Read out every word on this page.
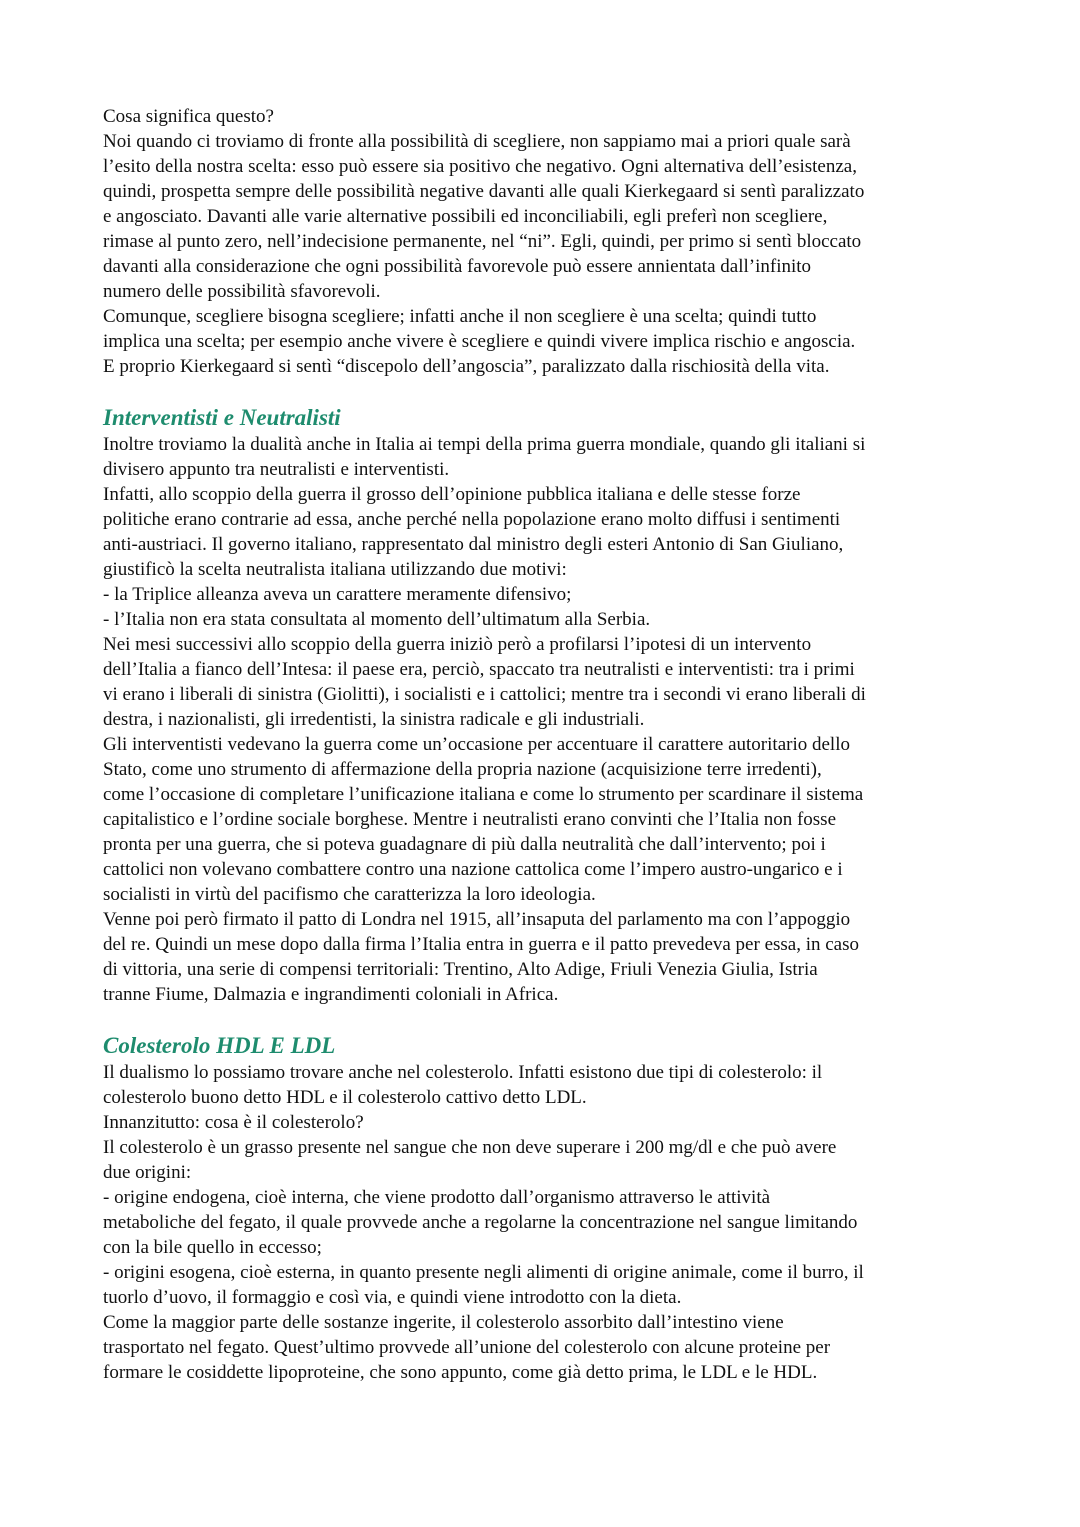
Cosa significa questo?

Noi quando ci troviamo di fronte alla possibilità di scegliere, non sappiamo mai a priori quale sarà
l’esito della nostra scelta: esso può essere sia positivo che negativo. Ogni alternativa dell’esistenza,
quindi, prospetta sempre delle possibilità negative davanti alle quali Kierkegaard si sentì paralizzato
e angosciato. Davanti alle varie alternative possibili ed inconciliabili, egli preferì non scegliere,
rimase al punto zero, nell’indecisione permanente, nel “ni”. Egli, quindi, per primo si sentì bloccato
davanti alla considerazione che ogni possibilità favorevole può essere annientata dall’infinito
numero delle possibilità sfavorevoli.

Comunque, scegliere bisogna scegliere; infatti anche il non scegliere è una scelta; quindi tutto
implica una scelta; per esempio anche vivere è scegliere e quindi vivere implica rischio e angoscia.

E proprio Kierkegaard si sentì “discepolo dell’angoscia”, paralizzato dalla rischiosità della vita.

Interventisti e Neutralisti

Inoltre troviamo la dualità anche in Italia ai tempi della prima guerra mondiale, quando gli italiani si
divisero appunto tra neutralisti e interventisti.

Infatti, allo scoppio della guerra il grosso dell’opinione pubblica italiana e delle stesse forze
politiche erano contrarie ad essa, anche perché nella popolazione erano molto diffusi i sentimenti
anti-austriaci. Il governo italiano, rappresentato dal ministro degli esteri Antonio di San Giuliano,
giustificò la scelta neutralista italiana utilizzando due motivi:

- la Triplice alleanza aveva un carattere meramente difensivo;

- l’Italia non era stata consultata al momento dell’ultimatum alla Serbia.

Nei mesi successivi allo scoppio della guerra iniziò però a profilarsi l’ipotesi di un intervento
dell’Italia a fianco dell’Intesa: il paese era, perciò, spaccato tra neutralisti e interventisti: tra i primi
vi erano i liberali di sinistra (Giolitti), i socialisti e i cattolici; mentre tra i secondi vi erano liberali di
destra, i nazionalisti, gli irredentisti, la sinistra radicale e gli industriali.

Gli interventisti vedevano la guerra come un’occasione per accentuare il carattere autoritario dello
Stato, come uno strumento di affermazione della propria nazione (acquisizione terre irredenti),
come l’occasione di completare l’unificazione italiana e come lo strumento per scardinare il sistema
capitalistico e l’ordine sociale borghese. Mentre i neutralisti erano convinti che l’Italia non fosse
pronta per una guerra, che si poteva guadagnare di più dalla neutralità che dall’intervento; poi i
cattolici non volevano combattere contro una nazione cattolica come l’impero austro-ungarico e i
socialisti in virtù del pacifismo che caratterizza la loro ideologia.

Venne poi però firmato il patto di Londra nel 1915, all’insaputa del parlamento ma con l’appoggio
del re. Quindi un mese dopo dalla firma l’Italia entra in guerra e il patto prevedeva per essa, in caso
di vittoria, una serie di compensi territoriali: Trentino, Alto Adige, Friuli Venezia Giulia, Istria
tranne Fiume, Dalmazia e ingrandimenti coloniali in Africa.

Colesterolo HDL E LDL

Il dualismo lo possiamo trovare anche nel colesterolo. Infatti esistono due tipi di colesterolo: il
colesterolo buono detto HDL e il colesterolo cattivo detto LDL.

Innanzitutto: cosa è il colesterolo?

Il colesterolo è un grasso presente nel sangue che non deve superare i 200 mg/dl e che può avere
due origini:

- origine endogena, cioè interna, che viene prodotto dall’organismo attraverso le attività
metaboliche del fegato, il quale provvede anche a regolarne la concentrazione nel sangue limitando
con la bile quello in eccesso;

- origini esogena, cioè esterna, in quanto presente negli alimenti di origine animale, come il burro, il
tuorlo d’uovo, il formaggio e così via, e quindi viene introdotto con la dieta.

Come la maggior parte delle sostanze ingerite, il colesterolo assorbito dall’intestino viene
trasportato nel fegato. Quest’ultimo provvede all’unione del colesterolo con alcune proteine per
formare le cosiddette lipoproteine, che sono appunto, come già detto prima, le LDL e le HDL.
